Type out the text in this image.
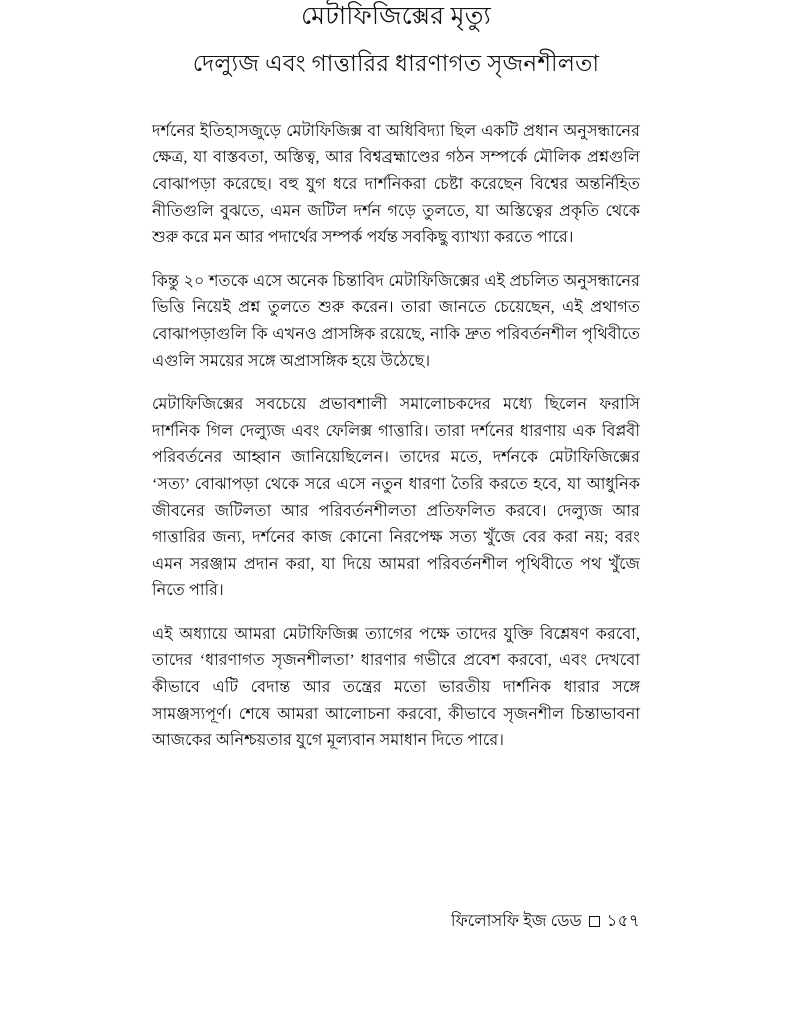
মেটাফিজিক্সের মৃত্যু
দেল্যুজ এবং গাত্তারির ধারণাগত সৃজনশীলতা

দর্শনের ইতিহাসজুড়ে মেটাফিজিক্স বা অধিবিদ্যা ছিল একটি প্রধান অনুসন্ধানের ক্ষেত্র, যা বাস্তবতা, অস্তিত্ব, আর বিশ্বব্রহ্মাণ্ডের গঠন সম্পর্কে মৌলিক প্রশ্নগুলি বোঝাপড়া করেছে। বহু যুগ ধরে দার্শনিকরা চেষ্টা করেছেন বিশ্বের অন্তর্নিহিত নীতিগুলি বুঝতে, এমন জটিল দর্শন গড়ে তুলতে, যা অস্তিত্বের প্রকৃতি থেকে শুরু করে মন আর পদার্থের সম্পর্ক পর্যন্ত সবকিছু ব্যাখ্যা করতে পারে।

কিন্তু ২০ শতকে এসে অনেক চিন্তাবিদ মেটাফিজিক্সের এই প্রচলিত অনুসন্ধানের ভিত্তি নিয়েই প্রশ্ন তুলতে শুরু করেন। তারা জানতে চেয়েছেন, এই প্রথাগত বোঝাপড়াগুলি কি এখনও প্রাসঙ্গিক রয়েছে, নাকি দ্রুত পরিবর্তনশীল পৃথিবীতে এগুলি সময়ের সঙ্গে অপ্রাসঙ্গিক হয়ে উঠেছে।

মেটাফিজিক্সের সবচেয়ে প্রভাবশালী সমালোচকদের মধ্যে ছিলেন ফরাসি দার্শনিক গিল দেল্যুজ এবং ফেলিক্স গাত্তারি। তারা দর্শনের ধারণায় এক বিপ্লবী পরিবর্তনের আহ্বান জানিয়েছিলেন। তাদের মতে, দর্শনকে মেটাফিজিক্সের ‘সত্য’ বোঝাপড়া থেকে সরে এসে নতুন ধারণা তৈরি করতে হবে, যা আধুনিক জীবনের জটিলতা আর পরিবর্তনশীলতা প্রতিফলিত করবে। দেল্যুজ আর গাত্তারির জন্য, দর্শনের কাজ কোনো নিরপেক্ষ সত্য খুঁজে বের করা নয়; বরং এমন সরঞ্জাম প্রদান করা, যা দিয়ে আমরা পরিবর্তনশীল পৃথিবীতে পথ খুঁজে নিতে পারি।

এই অধ্যায়ে আমরা মেটাফিজিক্স ত্যাগের পক্ষে তাদের যুক্তি বিশ্লেষণ করবো, তাদের ‘ধারণাগত সৃজনশীলতা’ ধারণার গভীরে প্রবেশ করবো, এবং দেখবো কীভাবে এটি বেদান্ত আর তন্ত্রের মতো ভারতীয় দার্শনিক ধারার সঙ্গে সামঞ্জস্যপূর্ণ। শেষে আমরা আলোচনা করবো, কীভাবে সৃজনশীল চিন্তাভাবনা আজকের অনিশ্চয়তার যুগে মূল্যবান সমাধান দিতে পারে।

ফিলোসফি ইজ ডেড ১৫৭
